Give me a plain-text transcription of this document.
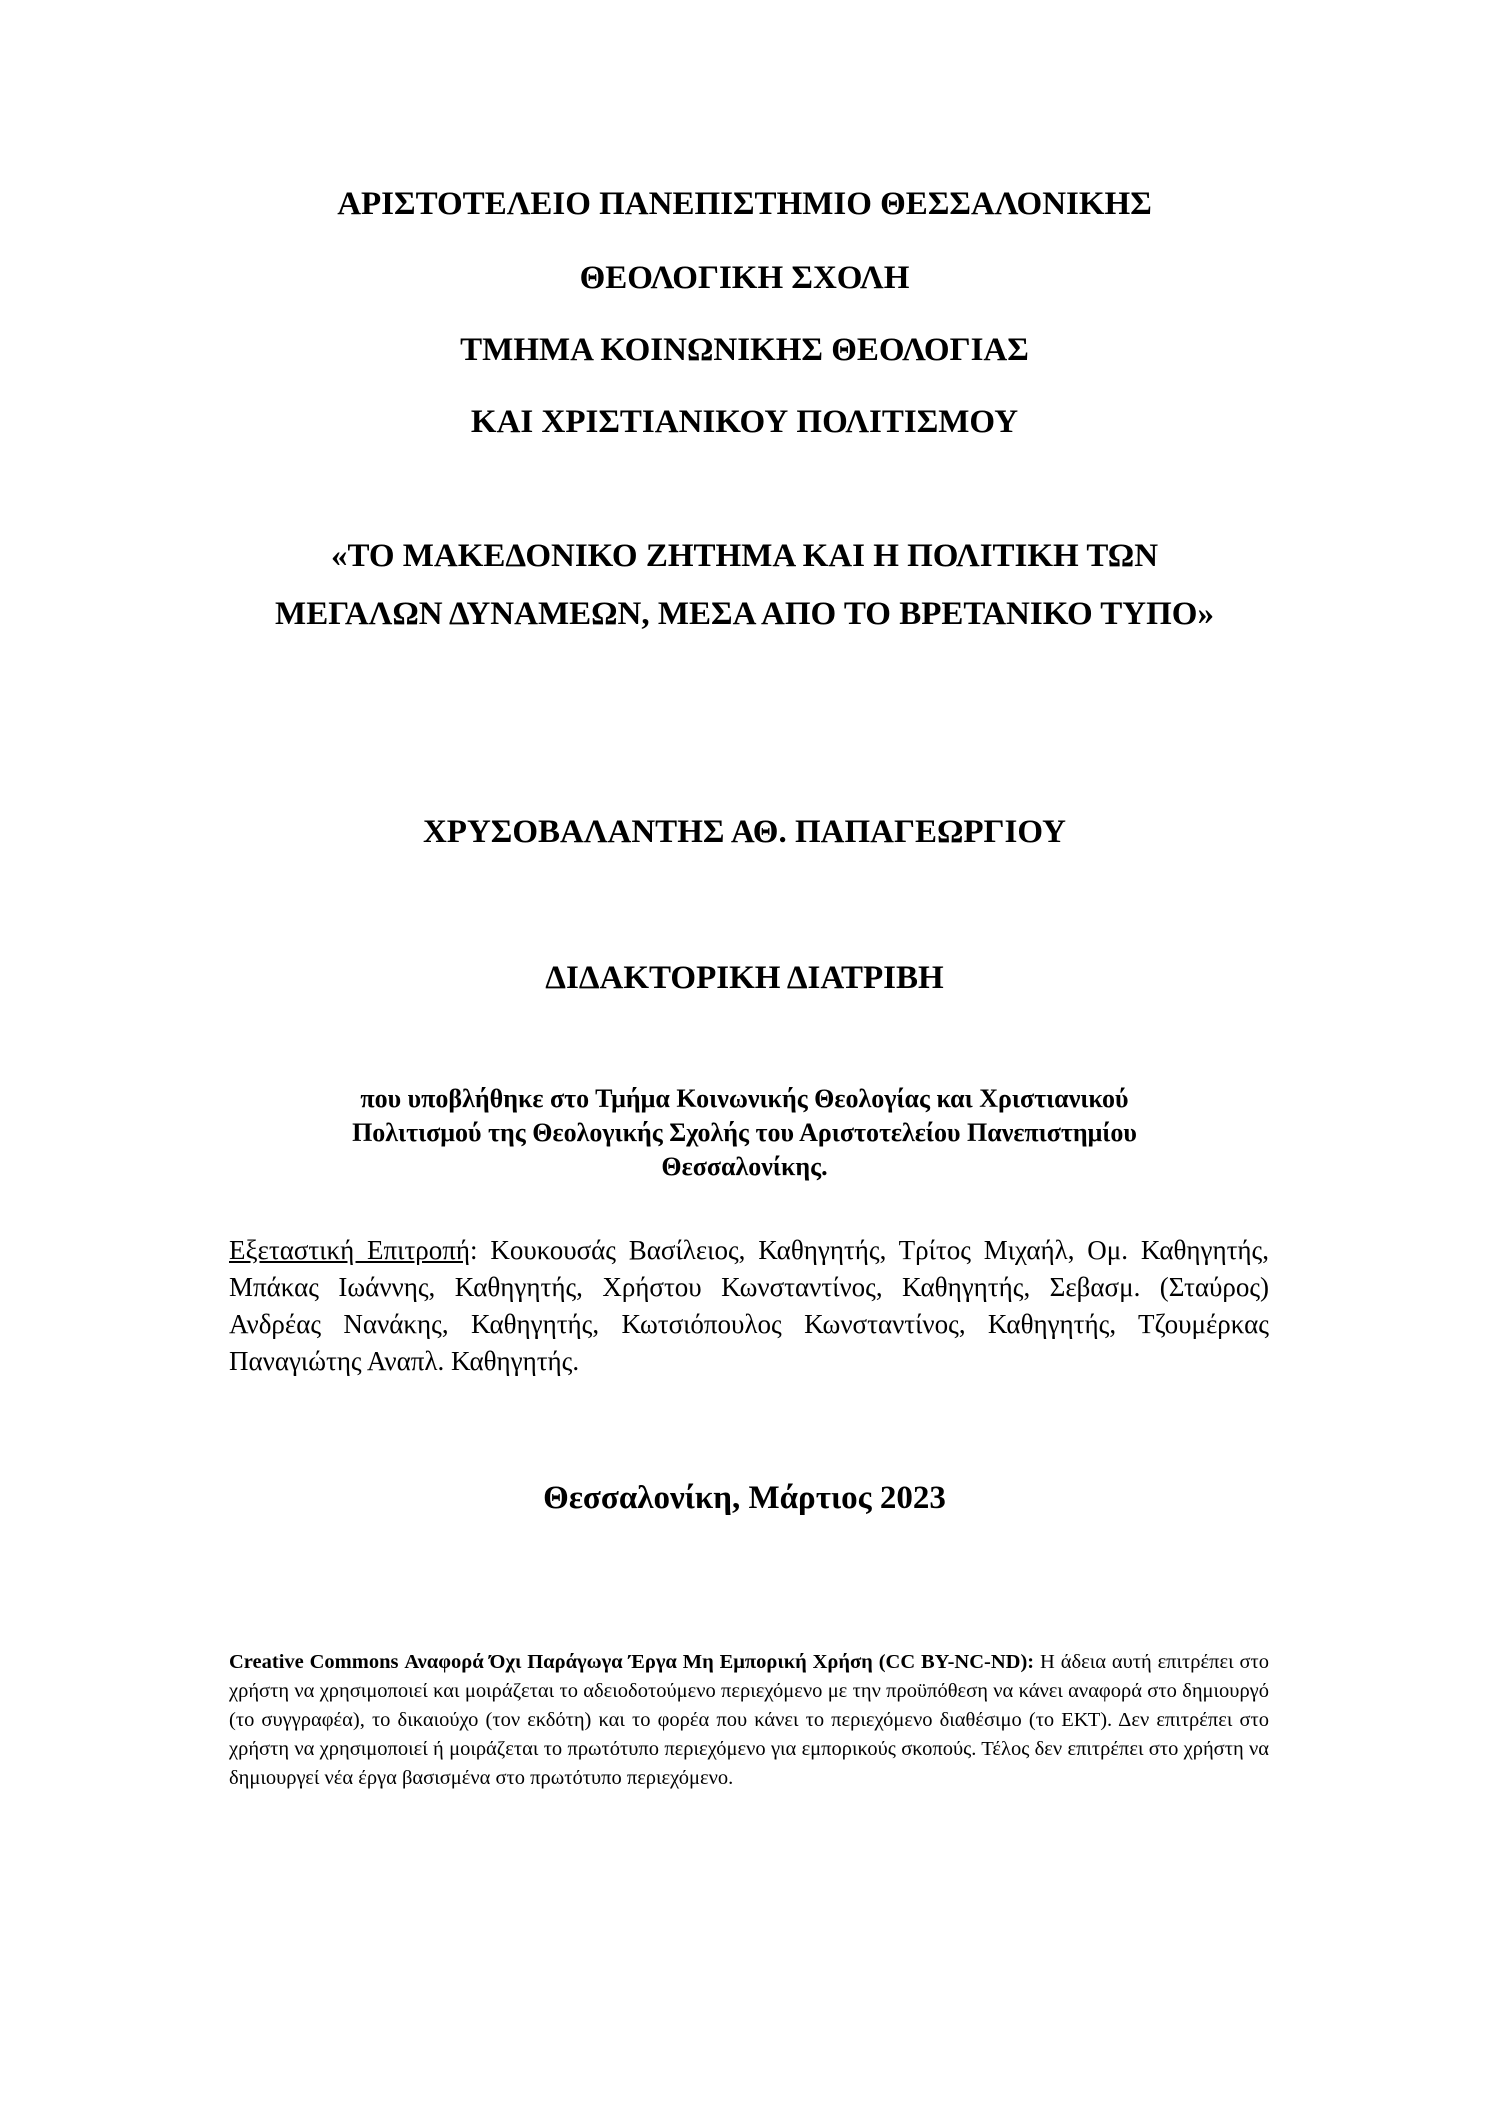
ΑΡΙΣΤΟΤΕΛΕΙΟ ΠΑΝΕΠΙΣΤΗΜΙΟ ΘΕΣΣΑΛΟΝΙΚΗΣ
ΘΕΟΛΟΓΙΚΗ ΣΧΟΛΗ
ΤΜΗΜΑ ΚΟΙΝΩΝΙΚΗΣ ΘΕΟΛΟΓΙΑΣ
ΚΑΙ ΧΡΙΣΤΙΑΝΙΚΟΥ ΠΟΛΙΤΙΣΜΟΥ
«ΤΟ ΜΑΚΕΔΟΝΙΚΟ ΖΗΤΗΜΑ ΚΑΙ Η ΠΟΛΙΤΙΚΗ ΤΩΝ
ΜΕΓΑΛΩΝ ΔΥΝΑΜΕΩΝ, ΜΕΣΑ ΑΠΟ ΤΟ ΒΡΕΤΑΝΙΚΟ ΤΥΠΟ»
ΧΡΥΣΟΒΑΛΑΝΤΗΣ ΑΘ. ΠΑΠΑΓΕΩΡΓΙΟΥ
ΔΙΔΑΚΤΟΡΙΚΗ ΔΙΑΤΡΙΒΗ
που υποβλήθηκε στο Τμήμα Κοινωνικής Θεολογίας και Χριστιανικού
Πολιτισμού της Θεολογικής Σχολής του Αριστοτελείου Πανεπιστημίου
Θεσσαλονίκης.
Εξεταστική Επιτροπή: Κουκουσάς Βασίλειος, Καθηγητής, Τρίτος Μιχαήλ, Ομ. Καθηγητής, Μπάκας Ιωάννης, Καθηγητής, Χρήστου Κωνσταντίνος, Καθηγητής, Σεβασμ. (Σταύρος) Ανδρέας Νανάκης, Καθηγητής, Κωτσιόπουλος Κωνσταντίνος, Καθηγητής, Τζουμέρκας Παναγιώτης Αναπλ. Καθηγητής.
Θεσσαλονίκη, Μάρτιος 2023
Creative Commons Αναφορά Όχι Παράγωγα Έργα Μη Εμπορική Χρήση (CC BY-NC-ND): Η άδεια αυτή επιτρέπει στο χρήστη να χρησιμοποιεί και μοιράζεται το αδειοδοτούμενο περιεχόμενο με την προϋπόθεση να κάνει αναφορά στο δημιουργό (το συγγραφέα), το δικαιούχο (τον εκδότη) και το φορέα που κάνει το περιεχόμενο διαθέσιμο (το ΕΚΤ). Δεν επιτρέπει στο χρήστη να χρησιμοποιεί ή μοιράζεται το πρωτότυπο περιεχόμενο για εμπορικούς σκοπούς. Τέλος δεν επιτρέπει στο χρήστη να δημιουργεί νέα έργα βασισμένα στο πρωτότυπο περιεχόμενο.
